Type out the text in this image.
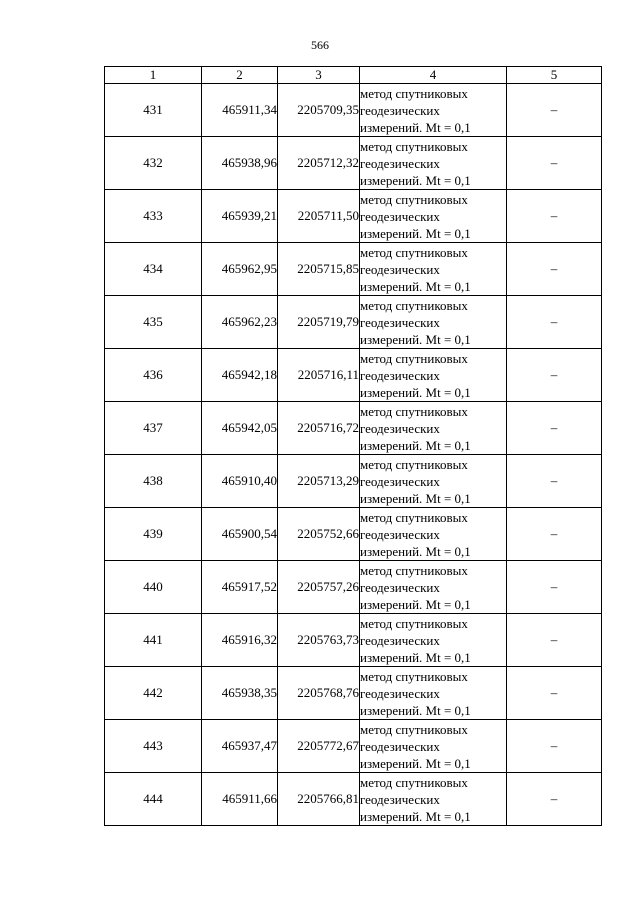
566
1	2	3	4	5
431	465911,34	2205709,35	метод спутниковых
геодезических
измерений. Mt = 0,1	–
432	465938,96	2205712,32	метод спутниковых
геодезических
измерений. Mt = 0,1	–
433	465939,21	2205711,50	метод спутниковых
геодезических
измерений. Mt = 0,1	–
434	465962,95	2205715,85	метод спутниковых
геодезических
измерений. Mt = 0,1	–
435	465962,23	2205719,79	метод спутниковых
геодезических
измерений. Mt = 0,1	–
436	465942,18	2205716,11	метод спутниковых
геодезических
измерений. Mt = 0,1	–
437	465942,05	2205716,72	метод спутниковых
геодезических
измерений. Mt = 0,1	–
438	465910,40	2205713,29	метод спутниковых
геодезических
измерений. Mt = 0,1	–
439	465900,54	2205752,66	метод спутниковых
геодезических
измерений. Mt = 0,1	–
440	465917,52	2205757,26	метод спутниковых
геодезических
измерений. Mt = 0,1	–
441	465916,32	2205763,73	метод спутниковых
геодезических
измерений. Mt = 0,1	–
442	465938,35	2205768,76	метод спутниковых
геодезических
измерений. Mt = 0,1	–
443	465937,47	2205772,67	метод спутниковых
геодезических
измерений. Mt = 0,1	–
444	465911,66	2205766,81	метод спутниковых
геодезических
измерений. Mt = 0,1	–
